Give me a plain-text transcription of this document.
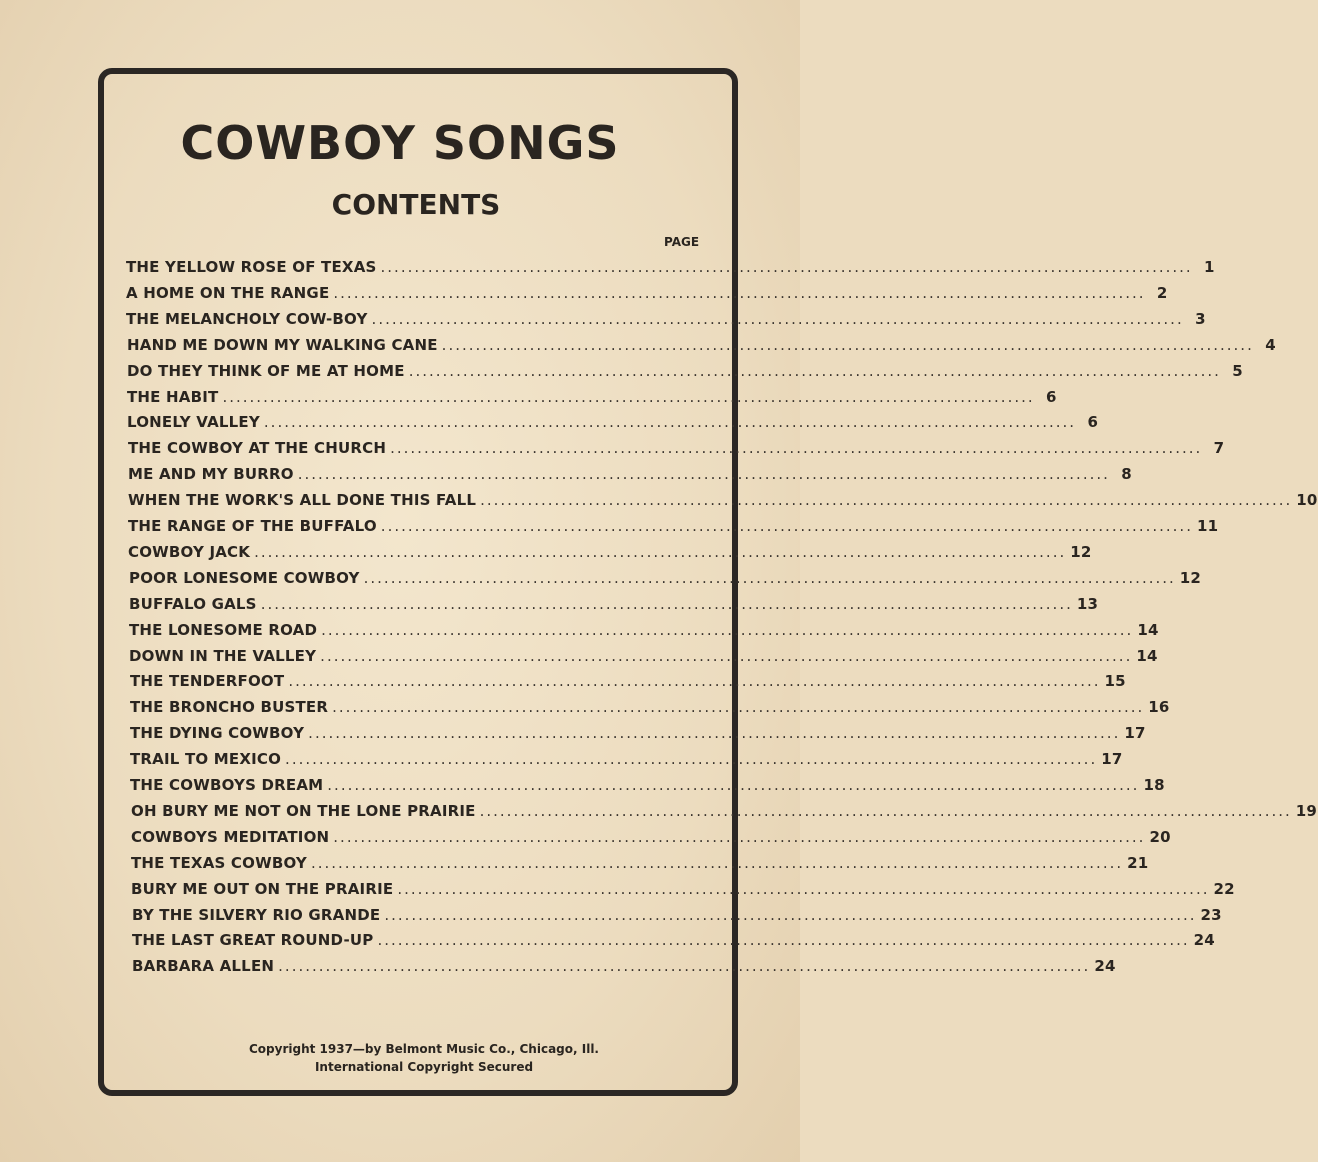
COWBOY SONGS
CONTENTS
PAGE
THE YELLOW ROSE OF TEXAS ........................................................................................................................ 1
A HOME ON THE RANGE ........................................................................................................................ 2
THE MELANCHOLY COW-BOY ........................................................................................................................ 3
HAND ME DOWN MY WALKING CANE ........................................................................................................................ 4
DO THEY THINK OF ME AT HOME ........................................................................................................................ 5
THE HABIT ........................................................................................................................ 6
LONELY VALLEY ........................................................................................................................ 6
THE COWBOY AT THE CHURCH ........................................................................................................................ 7
ME AND MY BURRO ........................................................................................................................ 8
WHEN THE WORK'S ALL DONE THIS FALL ........................................................................................................................ 10
THE RANGE OF THE BUFFALO ........................................................................................................................ 11
COWBOY JACK ........................................................................................................................ 12
POOR LONESOME COWBOY ........................................................................................................................ 12
BUFFALO GALS ........................................................................................................................ 13
THE LONESOME ROAD ........................................................................................................................ 14
DOWN IN THE VALLEY ........................................................................................................................ 14
THE TENDERFOOT ........................................................................................................................ 15
THE BRONCHO BUSTER ........................................................................................................................ 16
THE DYING COWBOY ........................................................................................................................ 17
TRAIL TO MEXICO ........................................................................................................................ 17
THE COWBOYS DREAM ........................................................................................................................ 18
OH BURY ME NOT ON THE LONE PRAIRIE ........................................................................................................................ 19
COWBOYS MEDITATION ........................................................................................................................ 20
THE TEXAS COWBOY ........................................................................................................................ 21
BURY ME OUT ON THE PRAIRIE ........................................................................................................................ 22
BY THE SILVERY RIO GRANDE ........................................................................................................................ 23
THE LAST GREAT ROUND-UP ........................................................................................................................ 24
BARBARA ALLEN ........................................................................................................................ 24
Copyright 1937—by Belmont Music Co., Chicago, Ill.
International Copyright Secured
